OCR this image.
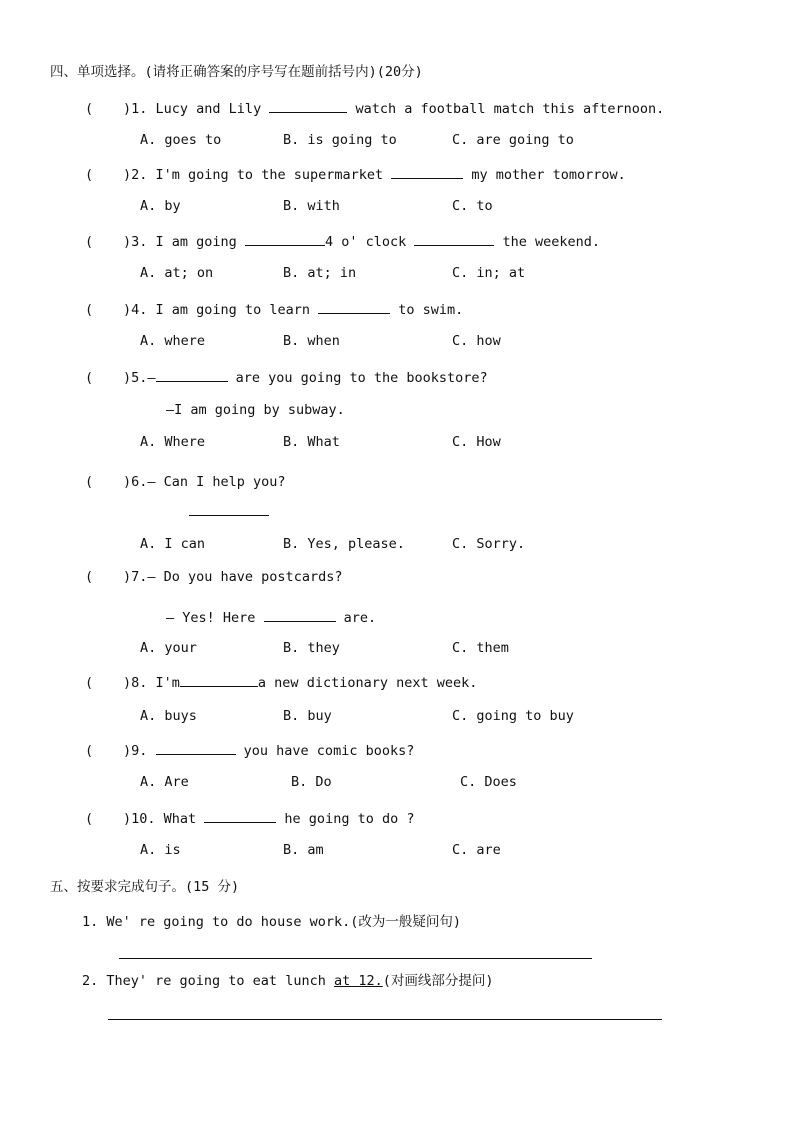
四、单项选择。(请将正确答案的序号写在题前括号内)(20分)
( )1. Lucy and Lily	watch a football match this afternoon.
A. goes to	B. is going to	C. are going to
( )2. I'm going to the supermarket	my mother tomorrow.
A. by	B. with	C. to
( )3. I am going	4 o' clock	the weekend.
A. at; on	B. at; in	C. in; at
( )4. I am going to learn	to swim.
A. where	B. when	C. how
( )5.—	are you going to the bookstore?
—I am going by subway.
A. Where	B. What	C. How
( )6.— Can I help you?
A. I can	B. Yes, please.	C. Sorry.
( )7.— Do you have postcards?
— Yes! Here	are.
A. your	B. they	C. them
( )8. I'm	a new dictionary next week.
A. buys	B. buy	C. going to buy
( )9.	you have comic books?
A. Are	B. Do	C. Does
( )10. What	he going to do ?
A. is	B. am	C. are
五、按要求完成句子。(15 分)
1. We' re going to do house work.(改为一般疑问句)
2. They' re going to eat lunch at 12.(对画线部分提问)
